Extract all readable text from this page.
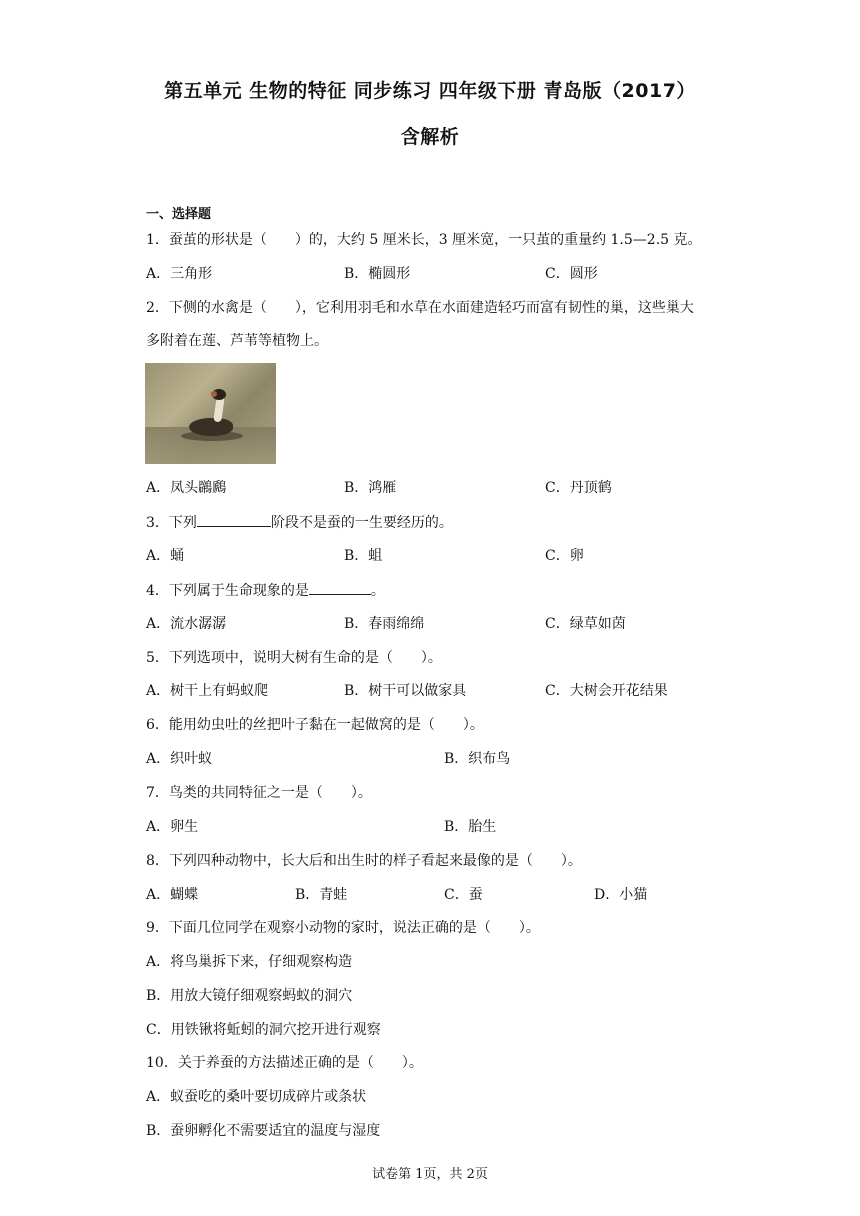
第五单元 生物的特征 同步练习 四年级下册 青岛版（2017）
含解析
一、选择题
1．蚕茧的形状是（　　）的，大约 5 厘米长，3 厘米宽，一只茧的重量约 1.5—2.5 克。
A．三角形	B．椭圆形	C．圆形
2．下侧的水禽是（　　），它利用羽毛和水草在水面建造轻巧而富有韧性的巢，这些巢大
多附着在莲、芦苇等植物上。
A．凤头鸊鷉	B．鸿雁	C．丹顶鹤
3．下列	阶段不是蚕的一生要经历的。
A．蛹	B．蛆	C．卵
4．下列属于生命现象的是	。
A．流水潺潺	B．春雨绵绵	C．绿草如茵
5．下列选项中，说明大树有生命的是（　　）。
A．树干上有蚂蚁爬	B．树干可以做家具	C．大树会开花结果
6．能用幼虫吐的丝把叶子黏在一起做窝的是（　　）。
A．织叶蚁	B．织布鸟
7．鸟类的共同特征之一是（　　）。
A．卵生	B．胎生
8．下列四种动物中，长大后和出生时的样子看起来最像的是（　　）。
A．蝴蝶	B．青蛙	C．蚕	D．小猫
9．下面几位同学在观察小动物的家时，说法正确的是（　　）。
A．将鸟巢拆下来，仔细观察构造
B．用放大镜仔细观察蚂蚁的洞穴
C．用铁锹将蚯蚓的洞穴挖开进行观察
10．关于养蚕的方法描述正确的是（　　）。
A．蚁蚕吃的桑叶要切成碎片或条状
B．蚕卵孵化不需要适宜的温度与湿度
试卷第 1页，共 2页
